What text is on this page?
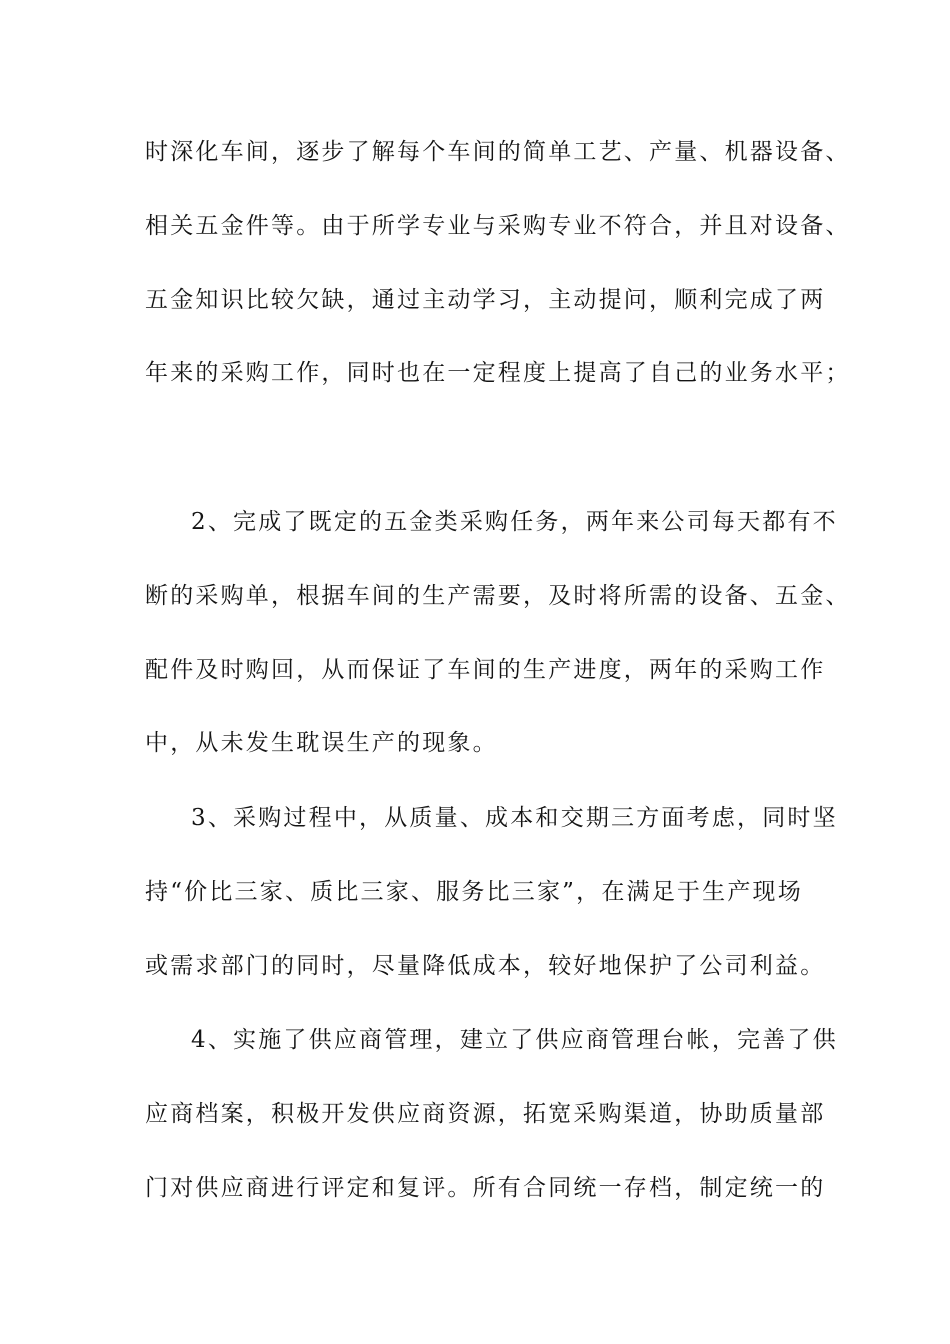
时深化车间，逐步了解每个车间的简单工艺、产量、机器设备、
相关五金件等。由于所学专业与采购专业不符合，并且对设备、
五金知识比较欠缺，通过主动学习，主动提问，顺利完成了两
年来的采购工作，同时也在一定程度上提高了自己的业务水平；
2、完成了既定的五金类采购任务，两年来公司每天都有不
断的采购单，根据车间的生产需要，及时将所需的设备、五金、
配件及时购回，从而保证了车间的生产进度，两年的采购工作
中，从未发生耽误生产的现象。
3、采购过程中，从质量、成本和交期三方面考虑，同时坚
持“价比三家、质比三家、服务比三家”，在满足于生产现场
或需求部门的同时，尽量降低成本，较好地保护了公司利益。
4、实施了供应商管理，建立了供应商管理台帐，完善了供
应商档案，积极开发供应商资源，拓宽采购渠道，协助质量部
门对供应商进行评定和复评。所有合同统一存档，制定统一的
